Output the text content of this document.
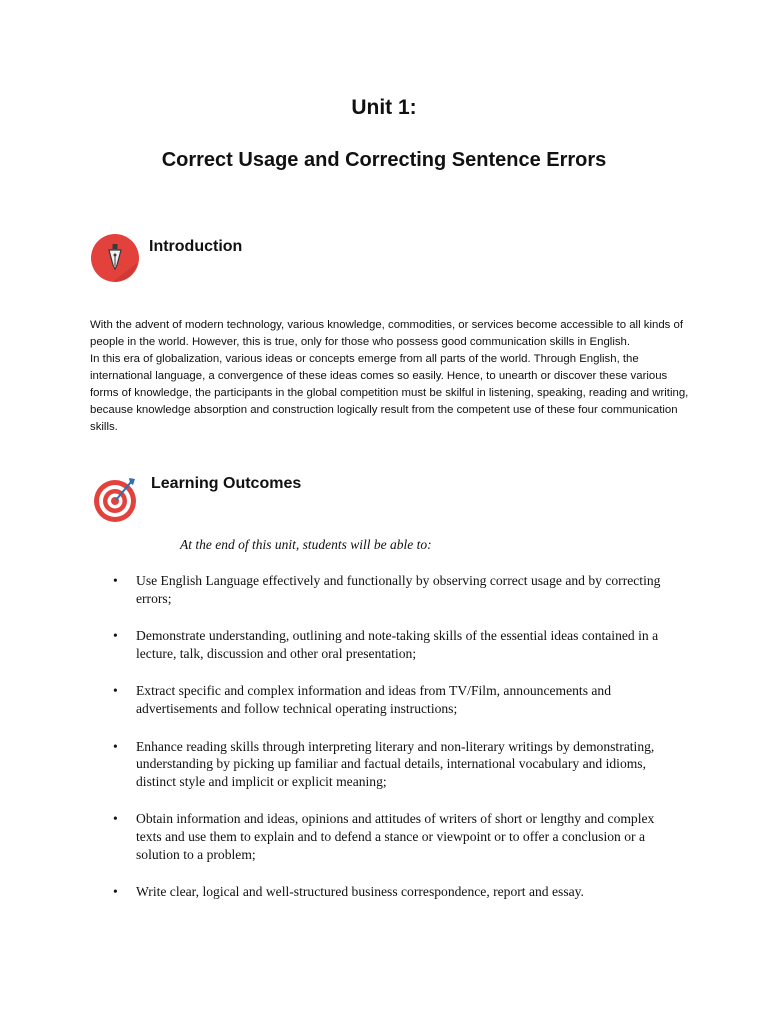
Unit 1:
Correct Usage and Correcting Sentence Errors
Introduction

With the advent of modern technology, various knowledge, commodities, or services become accessible to all kinds of people in the world. However, this is true, only for those who possess good communication skills in English.

In this era of globalization, various ideas or concepts emerge from all parts of the world. Through English, the international language, a convergence of these ideas comes so easily. Hence, to unearth or discover these various forms of knowledge, the participants in the global competition must be skilful in listening, speaking, reading and writing, because knowledge absorption and construction logically result from the competent use of these four communication skills.

Learning Outcomes

At the end of this unit, students will be able to:

• Use English Language effectively and functionally by observing correct usage and by correcting errors;
• Demonstrate understanding, outlining and note-taking skills of the essential ideas contained in a lecture, talk, discussion and other oral presentation;
• Extract specific and complex information and ideas from TV/Film, announcements and advertisements and follow technical operating instructions;
• Enhance reading skills through interpreting literary and non-literary writings by demonstrating, understanding by picking up familiar and factual details, international vocabulary and idioms, distinct style and implicit or explicit meaning;
• Obtain information and ideas, opinions and attitudes of writers of short or lengthy and complex texts and use them to explain and to defend a stance or viewpoint or to offer a conclusion or a solution to a problem;
• Write clear, logical and well-structured business correspondence, report and essay.
